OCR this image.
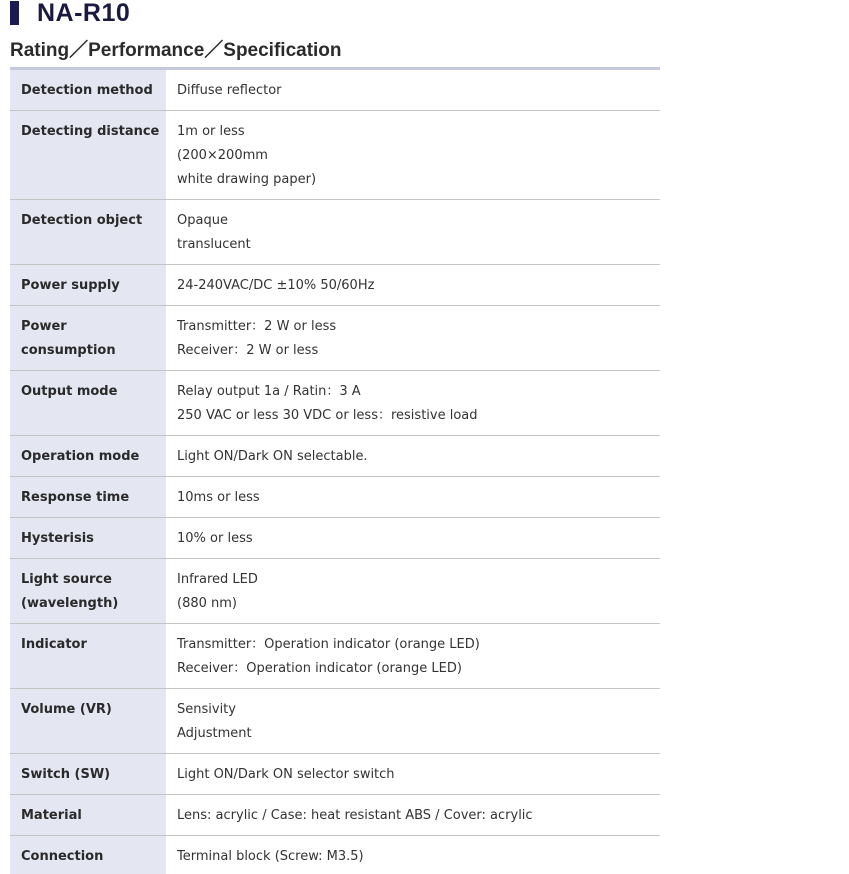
NA-R10
Rating／Performance／Specification
Detection method	Diffuse reflector

Detecting distance	1m or less
(200×200mm
white drawing paper)

Detection object	Opaque
translucent

Power supply	24-240VAC/DC ±10% 50/60Hz

Power
consumption	Transmitter：2 W or less
Receiver：2 W or less

Output mode	Relay output 1a / Ratin：3 A
250 VAC or less 30 VDC or less：resistive load

Operation mode	Light ON/Dark ON selectable.

Response time	10ms or less

Hysterisis	10% or less

Light source
(wavelength)	Infrared LED
(880 nm)

Indicator	Transmitter：Operation indicator (orange LED)
Receiver：Operation indicator (orange LED)

Volume (VR)	Sensivity
Adjustment

Switch (SW)	Light ON/Dark ON selector switch

Material	Lens: acrylic / Case: heat resistant ABS / Cover: acrylic

Connection	Terminal block (Screw: M3.5)
